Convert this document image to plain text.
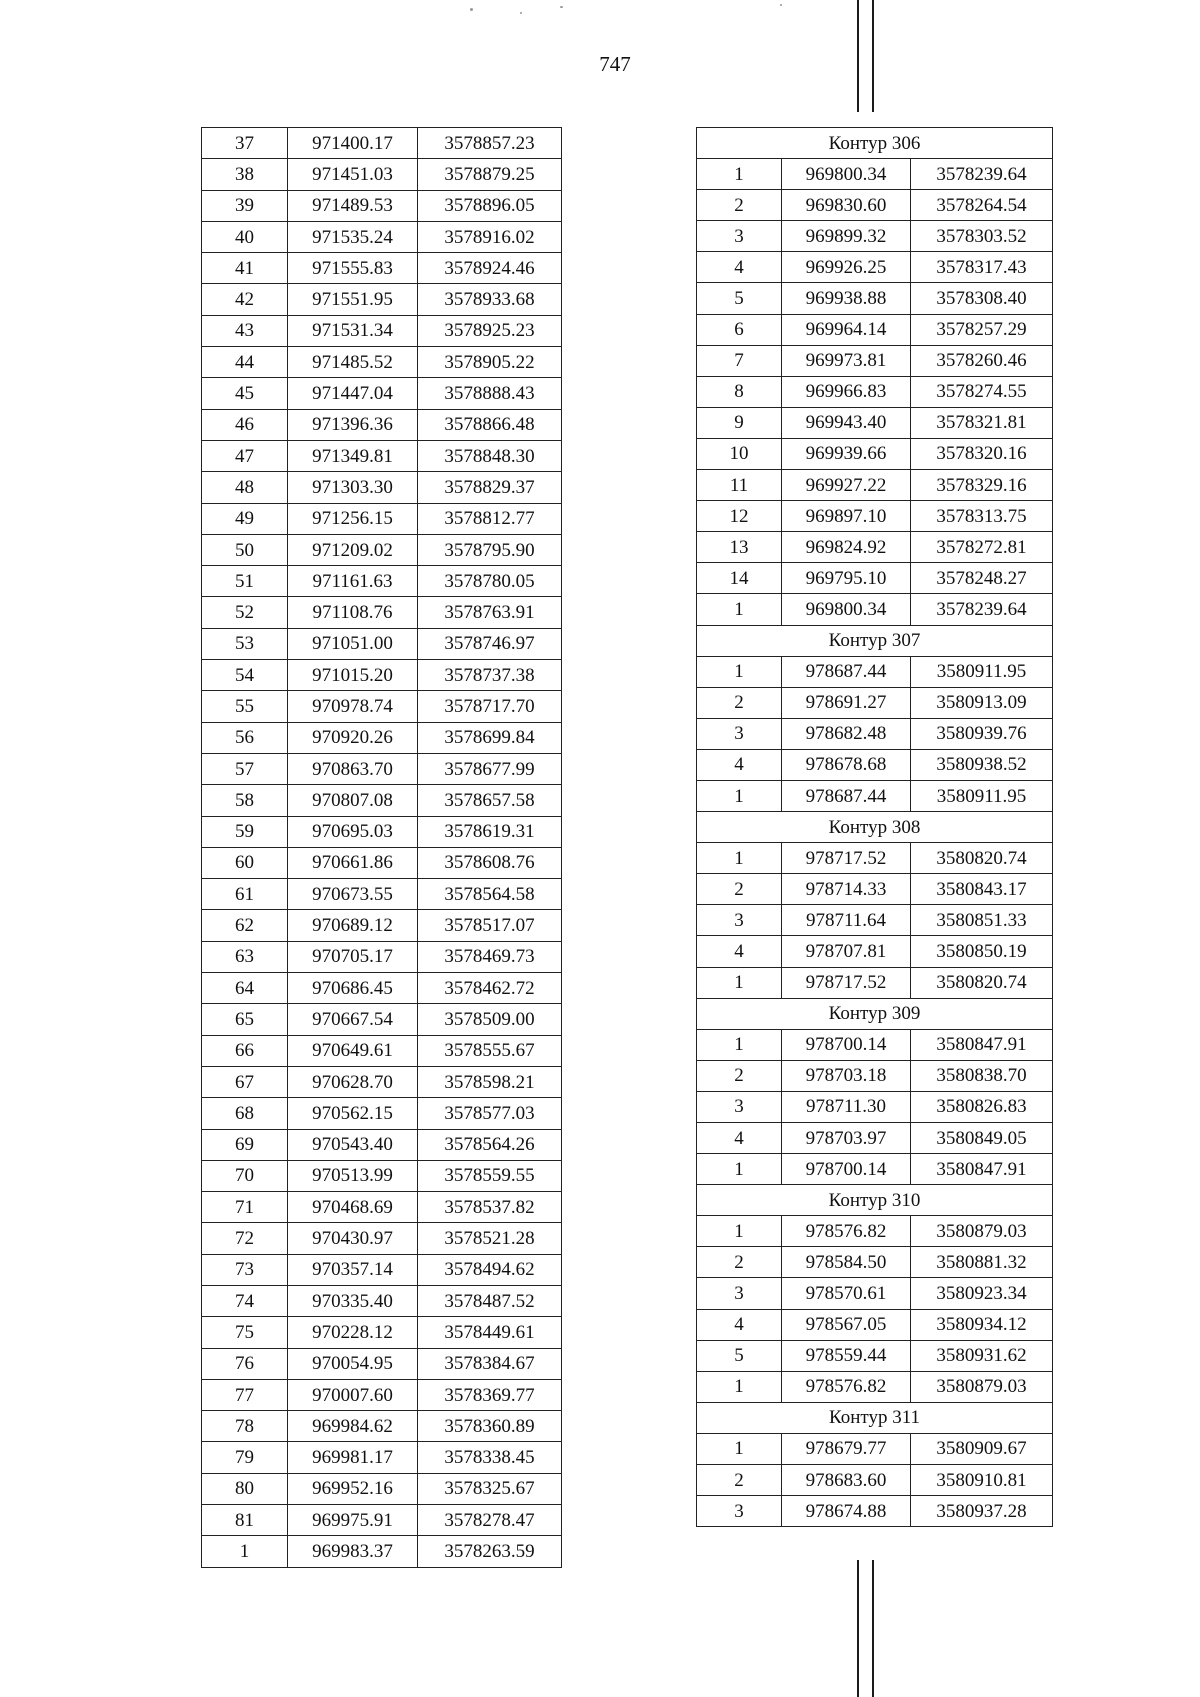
747
37	971400.17	3578857.23
38	971451.03	3578879.25
39	971489.53	3578896.05
40	971535.24	3578916.02
41	971555.83	3578924.46
42	971551.95	3578933.68
43	971531.34	3578925.23
44	971485.52	3578905.22
45	971447.04	3578888.43
46	971396.36	3578866.48
47	971349.81	3578848.30
48	971303.30	3578829.37
49	971256.15	3578812.77
50	971209.02	3578795.90
51	971161.63	3578780.05
52	971108.76	3578763.91
53	971051.00	3578746.97
54	971015.20	3578737.38
55	970978.74	3578717.70
56	970920.26	3578699.84
57	970863.70	3578677.99
58	970807.08	3578657.58
59	970695.03	3578619.31
60	970661.86	3578608.76
61	970673.55	3578564.58
62	970689.12	3578517.07
63	970705.17	3578469.73
64	970686.45	3578462.72
65	970667.54	3578509.00
66	970649.61	3578555.67
67	970628.70	3578598.21
68	970562.15	3578577.03
69	970543.40	3578564.26
70	970513.99	3578559.55
71	970468.69	3578537.82
72	970430.97	3578521.28
73	970357.14	3578494.62
74	970335.40	3578487.52
75	970228.12	3578449.61
76	970054.95	3578384.67
77	970007.60	3578369.77
78	969984.62	3578360.89
79	969981.17	3578338.45
80	969952.16	3578325.67
81	969975.91	3578278.47
1	969983.37	3578263.59
Контур 306		
1	969800.34	3578239.64
2	969830.60	3578264.54
3	969899.32	3578303.52
4	969926.25	3578317.43
5	969938.88	3578308.40
6	969964.14	3578257.29
7	969973.81	3578260.46
8	969966.83	3578274.55
9	969943.40	3578321.81
10	969939.66	3578320.16
11	969927.22	3578329.16
12	969897.10	3578313.75
13	969824.92	3578272.81
14	969795.10	3578248.27
1	969800.34	3578239.64
Контур 307		
1	978687.44	3580911.95
2	978691.27	3580913.09
3	978682.48	3580939.76
4	978678.68	3580938.52
1	978687.44	3580911.95
Контур 308		
1	978717.52	3580820.74
2	978714.33	3580843.17
3	978711.64	3580851.33
4	978707.81	3580850.19
1	978717.52	3580820.74
Контур 309		
1	978700.14	3580847.91
2	978703.18	3580838.70
3	978711.30	3580826.83
4	978703.97	3580849.05
1	978700.14	3580847.91
Контур 310		
1	978576.82	3580879.03
2	978584.50	3580881.32
3	978570.61	3580923.34
4	978567.05	3580934.12
5	978559.44	3580931.62
1	978576.82	3580879.03
Контур 311		
1	978679.77	3580909.67
2	978683.60	3580910.81
3	978674.88	3580937.28
